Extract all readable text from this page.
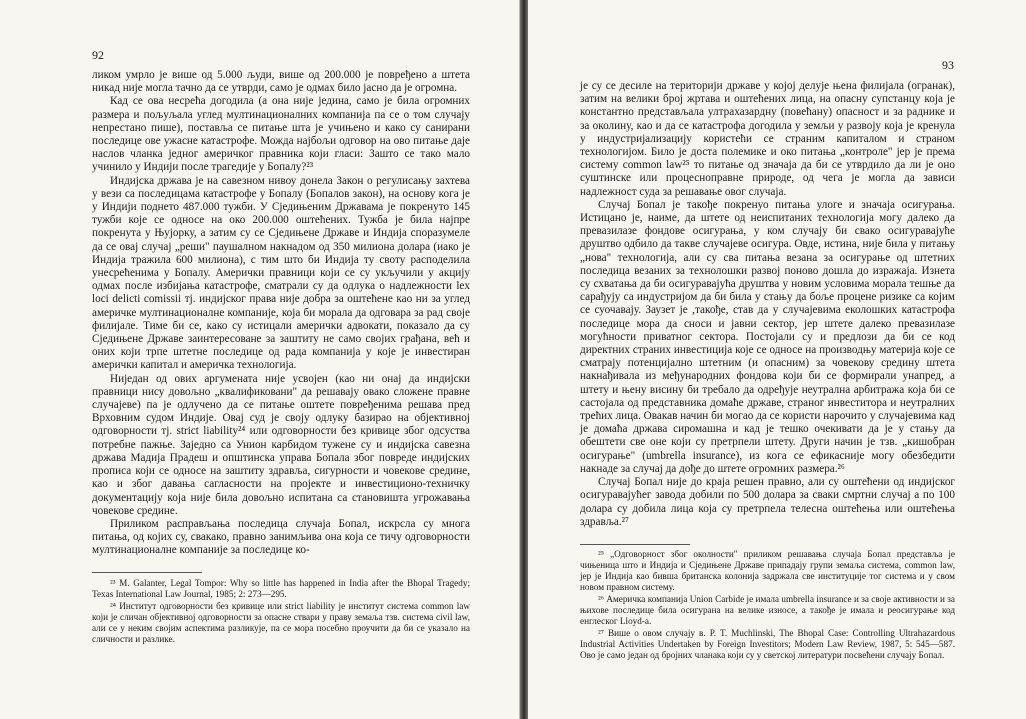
92

ликом умрло је више од 5.000 људи, више од 200.000 је повређено а штета никад није могла тачно да се утврди, само је одмах било јасно да је огромна.

Кад се ова несрећа догодила (а она није једина, само је била огромних размера и пољуљала углед мултинационалних компанија па се о том случају непрестано пише), поставља се питање шта је учињено и како су санирани последице ове ужасне катастрофе. Можда најбољи одговор на ово питање даје наслов чланка једног америчког правника који гласи: Зашто се тако мало учинило у Индији после трагедије у Бопалу?²³

Индијска држава је на савезном нивоу донела Закон о регулисању захтева у вези са последицама катастрофе у Бопалу (Бопалов закон), на основу кога је у Индији поднето 487.000 тужби. У Сједињеним Државама је покренуто 145 тужби које се односе на око 200.000 оштећених. Тужба је била најпре покренута у Њујорку, а затим су се Сједињене Државе и Индија споразумеле да се овај случај „реши" паушалном накнадом од 350 милиона долара (иако је Индија тражила 600 милиона), с тим што би Индија ту своту расподелила унесрећенима у Бопалу. Амерички правници који се су укључили у акцију одмах после избијања катастрофе, сматрали су да одлука о надлежности lex loci delicti comissii тј. индијског права није добра за оштећене као ни за углед америчке мултинационалне компаније, која би морала да одговара за рад своје филијале. Тиме би се, како су истицали амерички адвокати, показало да су Сједињене Државе заинтересоване за заштиту не само својих грађана, већ и оних који трпе штетне последице од рада компанија у које је инвестиран амерички капитал и америчка технологија.

Ниједан од ових аргумената није усвојен (као ни онај да индијски правници нису довољно „квалификовани" да решавају овако сложене правне случајеве) па је одлучено да се питање оштете повређенима решава пред Врховним судом Индије. Овај суд је своју одлуку базирао на објективној одговорности тј. strict liability²⁴ или одговорности без кривице због одсуства потребне пажње. Заједно са Унион карбидом тужене су и индијска савезна држава Мадија Прадеш и општинска управа Бопала због повреде индијских прописа који се односе на заштиту здравља, сигурности и човекове средине, као и због давања сагласности на пројекте и инвестиционо-техничку документацију која није била довољно испитана са становишта угрожавања човекове средине.

Приликом расправљања последица случаја Бопал, искрсла су многа питања, од којих су, свакако, правно занимљива она која се тичу одговорности мултинационалне компаније за последице ко-

²³ M. Galanter, Legal Tompor: Why so little has happened in India after the Bhopal Tragedy; Texas International Law Journal, 1985; 2: 273—295.

²⁴ Институт одговорности без кривице или strict liability је институт система common law који је сличан објективној одговорности за опасне ствари у праву земаља тзв. система civil law, али се у неким својим аспектима разликује, па се мора посебно проучити да би се указало на сличности и разлике.

93

је су се десиле на територији државе у којој делује њена филијала (огранак), затим на велики број жртава и оштећених лица, на опасну супстанцу која је константно представљала ултрахазардну (повећану) опасност и за раднике и за околину, као и да се катастрофа догодила у земљи у развоју која је кренула у индустријализацију користећи се страним капиталом и страном технологијом. Било је доста полемике и око питања „контроле" јер је према систему common law²⁵ то питање од значаја да би се утврдило да ли је оно суштинске или процесноправне природе, од чега је могла да зависи надлежност суда за решавање овог случаја.

Случај Бопал је такође покренуо питања улоге и значаја осигурања. Истицано је, наиме, да штете од неиспитаних технологија могу далеко да превазилазе фондове осигурања, у ком случају би свако осигуравајуће друштво одбило да такве случајеве осигура. Овде, истина, није била у питању „нова" технологија, али су сва питања везана за осигурање од штетних последица везаних за технолошки развој поново дошла до изражаја. Изнета су схватања да би осигуравајућа друштва у новим условима морала тешње да сарађују са индустријом да би била у стању да боље процене ризике са којим се суочавају. Заузет је ,такође, став да у случајевима еколошких катастрофа последице мора да сноси и јавни сектор, јер штете далеко превазилазе могућности приватног сектора. Постојали су и предлози да би се код директних страних инвестиција које се односе на производњу материја које се сматрају потенцијално штетним (и опасним) за човекову средину штета накнађивала из међународних фондова који би се формирали унапред, а штету и њену висину би требало да одређује неутрална арбитража која би се састојала од представника домаће државе, страног инвеститора и неутралних трећих лица. Овакав начин би могао да се користи нарочито у случајевима кад је домаћа држава сиромашна и кад је тешко очекивати да је у стању да обештети све оне који су претрпели штету. Други начин је тзв. „кишобран осигурање" (umbrella insurance), из кога се ефикасније могу обезбедити накнаде за случај да дође до штете огромних размера.²⁶

Случај Бопал није до краја решен правно, али су оштећени од индијског осигуравајућег завода добили по 500 долара за сваки смртни случај а по 100 долара су добила лица која су претрпела телесна оштећења или оштећења здравља.²⁷

²⁵ „Одговорност због околности" приликом решавања случаја Бопал представља је чињеница што и Индија и Сједињене Државе припадају групи земаља система, common law, јер је Индија као бивша британска колонија задржала све институције тог система и у свом новом правном систему.

²⁶ Америчка компанија Union Carbide је имала umbrella insurance и за своје активности и за њихове последице била осигурана на велике износе, а такође је имала и реосигурање код енглеског Lloyd-a.

²⁷ Више о овом случају в. P. T. Muchlinski, The Bhopal Case: Controlling Ultrahazardous Industrial Activities Undertaken by Foreign Investitors; Modern Law Review, 1987, 5: 545—587. Ово је само један од бројних чланака који су у светској литератури посвећени случају Бопал.
